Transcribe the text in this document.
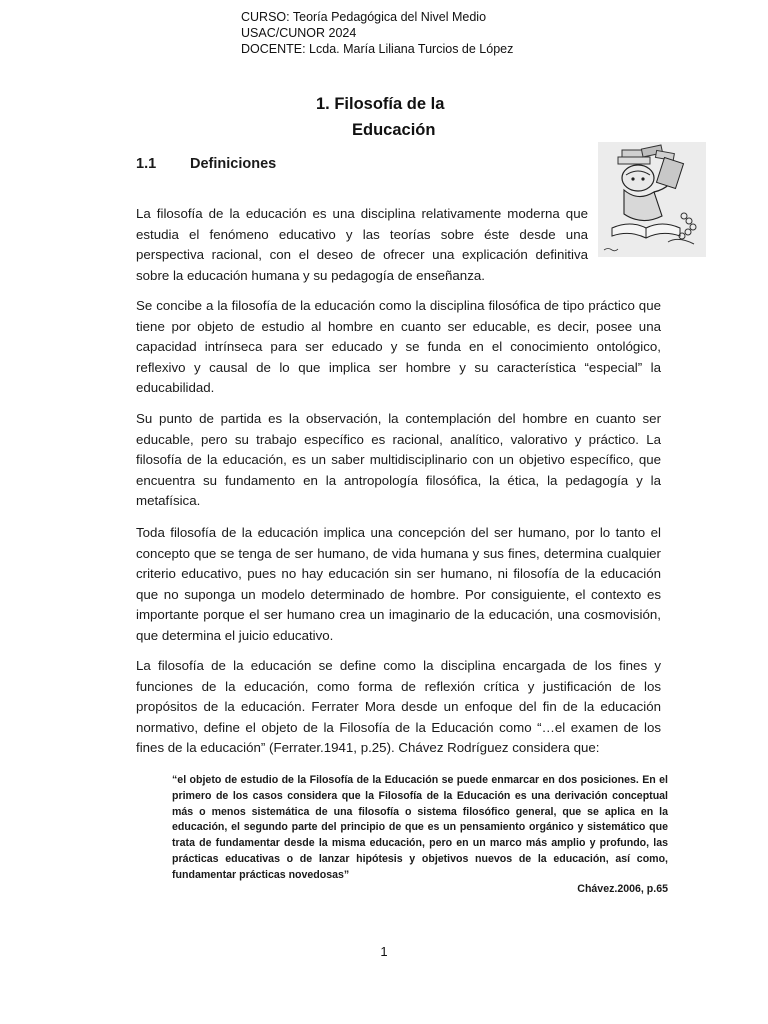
CURSO: Teoría Pedagógica del Nivel Medio
USAC/CUNOR 2024
DOCENTE: Lcda. María Liliana Turcios de López
1. Filosofía de la
Educación
1.1 Definiciones
La filosofía de la educación es una disciplina relativamente moderna que estudia el fenómeno educativo y las teorías sobre éste desde una perspectiva racional, con el deseo de ofrecer una explicación definitiva sobre la educación humana y su pedagogía de enseñanza.
Se concibe a la filosofía de la educación como la disciplina filosófica de tipo práctico que tiene por objeto de estudio al hombre en cuanto ser educable, es decir, posee una capacidad intrínseca para ser educado y se funda en el conocimiento ontológico, reflexivo y causal de lo que implica ser hombre y su característica “especial” la educabilidad.
Su punto de partida es la observación, la contemplación del hombre en cuanto ser educable, pero su trabajo específico es racional, analítico, valorativo y práctico. La filosofía de la educación, es un saber multidisciplinario con un objetivo específico, que encuentra su fundamento en la antropología filosófica, la ética, la pedagogía y la metafísica.
Toda filosofía de la educación implica una concepción del ser humano, por lo tanto el concepto que se tenga de ser humano, de vida humana y sus fines, determina cualquier criterio educativo, pues no hay educación sin ser humano, ni filosofía de la educación que no suponga un modelo determinado de hombre. Por consiguiente, el contexto es importante porque el ser humano crea un imaginario de la educación, una cosmovisión, que determina el juicio educativo.
La filosofía de la educación se define como la disciplina encargada de los fines y funciones de la educación, como forma de reflexión crítica y justificación de los propósitos de la educación. Ferrater Mora desde un enfoque del fin de la educación normativo, define el objeto de la Filosofía de la Educación como “…el examen de los fines de la educación” (Ferrater.1941, p.25). Chávez Rodríguez considera que:
“el objeto de estudio de la Filosofía de la Educación se puede enmarcar en dos posiciones. En el primero de los casos considera que la Filosofía de la Educación es una derivación conceptual más o menos sistemática de una filosofía o sistema filosófico general, que se aplica en la educación, el segundo parte del principio de que es un pensamiento orgánico y sistemático que trata de fundamentar desde la misma educación, pero en un marco más amplio y profundo, las prácticas educativas o de lanzar hipótesis y objetivos nuevos de la educación, así como, fundamentar prácticas novedosas”
Chávez.2006, p.65
1
